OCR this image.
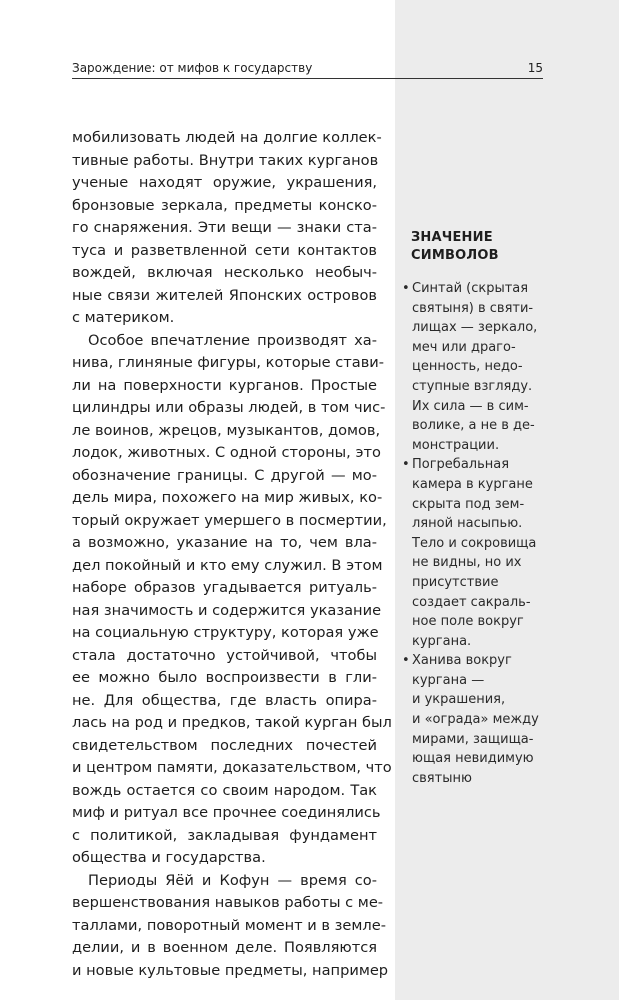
Зарождение: от мифов к государству	15
мобилизовать людей на долгие коллек-
тивные работы. Внутри таких курганов
ученые находят оружие, украшения,
бронзовые зеркала, предметы конско-
го снаряжения. Эти вещи — знаки ста-
туса и разветвленной сети контактов
вождей, включая несколько необыч-
ные связи жителей Японских островов
с материком.
Особое впечатление производят ха-
нива, глиняные фигуры, которые стави-
ли на поверхности курганов. Простые
цилиндры или образы людей, в том чис-
ле воинов, жрецов, музыкантов, домов,
лодок, животных. С одной стороны, это
обозначение границы. С другой — мо-
дель мира, похожего на мир живых, ко-
торый окружает умершего в посмертии,
а возможно, указание на то, чем вла-
дел покойный и кто ему служил. В этом
наборе образов угадывается ритуаль-
ная значимость и содержится указание
на социальную структуру, которая уже
стала достаточно устойчивой, чтобы
ее можно было воспроизвести в гли-
не. Для общества, где власть опира-
лась на род и предков, такой курган был
свидетельством последних почестей
и центром памяти, доказательством, что
вождь остается со своим народом. Так
миф и ритуал все прочнее соединялись
с политикой, закладывая фундамент
общества и государства.
Периоды Яёй и Кофун — время со-
вершенствования навыков работы с ме-
таллами, поворотный момент и в земле-
делии, и в военном деле. Появляются
и новые культовые предметы, например
ЗНАЧЕНИЕ
СИМВОЛОВ
• Синтай (скрытая
святыня) в святи-
лищах — зеркало,
меч или драго-
ценность, недо-
ступные взгляду.
Их сила — в сим-
волике, а не в де-
монстрации.
• Погребальная
камера в кургане
скрыта под зем-
ляной насыпью.
Тело и сокровища
не видны, но их
присутствие
создает сакраль-
ное поле вокруг
кургана.
• Ханива вокруг
кургана —
и украшения,
и «ограда» между
мирами, защища-
ющая невидимую
святыню
